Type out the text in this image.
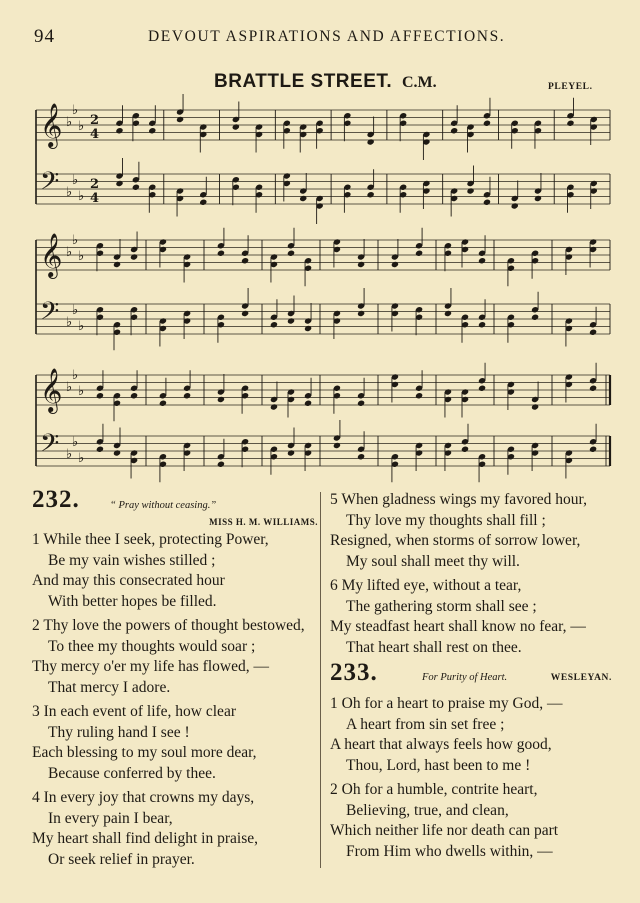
94	DEVOUT ASPIRATIONS AND AFFECTIONS.
BRATTLE STREET. C.M.	PLEYEL.
𝄞 ♭
♭
♭ 2
4
𝄢 ♭
♭
♭
2
4
𝄞 ♭
♭
♭
𝄢 ♭
♭
♭
𝄞 ♭
♭
♭
𝄢 ♭
♭
♭
232.	“ Pray without ceasing.”
MISS H. M. WILLIAMS.
1 While thee I seek, protecting Power,
Be my vain wishes stilled ;
And may this consecrated hour
With better hopes be filled.
2 Thy love the powers of thought bestowed,
To thee my thoughts would soar ;
Thy mercy o'er my life has flowed, —
That mercy I adore.
3 In each event of life, how clear
Thy ruling hand I see !
Each blessing to my soul more dear,
Because conferred by thee.
4 In every joy that crowns my days,
In every pain I bear,
My heart shall find delight in praise,
Or seek relief in prayer.
5 When gladness wings my favored hour,
Thy love my thoughts shall fill ;
Resigned, when storms of sorrow lower,
My soul shall meet thy will.
6 My lifted eye, without a tear,
The gathering storm shall see ;
My steadfast heart shall know no fear, —
That heart shall rest on thee.
233.	For Purity of Heart.	WESLEYAN.
1 Oh for a heart to praise my God, —
A heart from sin set free ;
A heart that always feels how good,
Thou, Lord, hast been to me !
2 Oh for a humble, contrite heart,
Believing, true, and clean,
Which neither life nor death can part
From Him who dwells within, —
